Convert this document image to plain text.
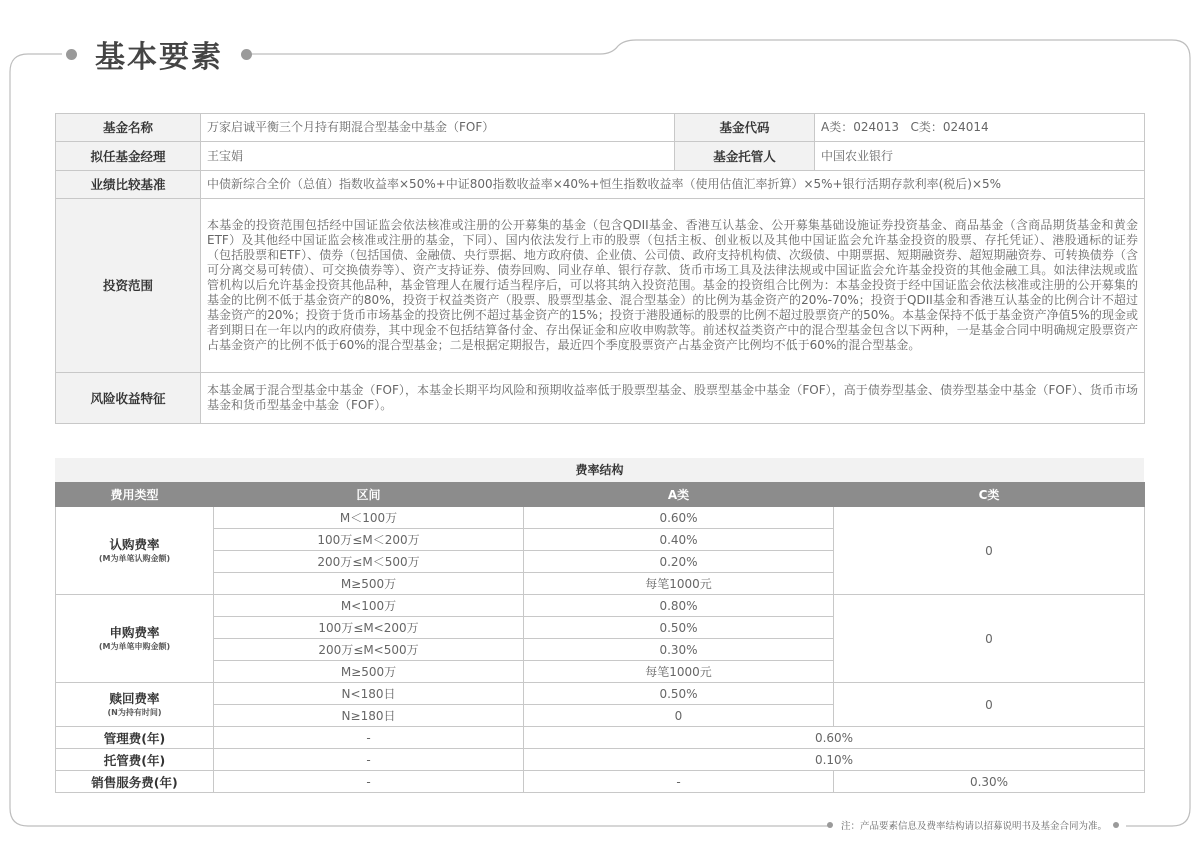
基本要素
基金名称	万家启诚平衡三个月持有期混合型基金中基金（FOF）	基金代码	A类：024013   C类：024014
拟任基金经理	王宝娟	基金托管人	中国农业银行
业绩比较基准	中债新综合全价（总值）指数收益率×50%+中证800指数收益率×40%+恒生指数收益率（使用估值汇率折算）×5%+银行活期存款利率(税后)×5%		
投资范围	本基金的投资范围包括经中国证监会依法核准或注册的公开募集的基金（包含QDII基金、香港互认基金、公开募集基础设施证券投资基金、商品基金（含商品期货基金和黄金ETF）及其他经中国证监会核准或注册的基金，下同）、国内依法发行上市的股票（包括主板、创业板以及其他中国证监会允许基金投资的股票、存托凭证）、港股通标的证券（包括股票和ETF）、债券（包括国债、金融债、央行票据、地方政府债、企业债、公司债、政府支持机构债、次级债、中期票据、短期融资券、超短期融资券、可转换债券（含可分离交易可转债）、可交换债券等）、资产支持证券、债券回购、同业存单、银行存款、货币市场工具及法律法规或中国证监会允许基金投资的其他金融工具。如法律法规或监管机构以后允许基金投资其他品种，基金管理人在履行适当程序后，可以将其纳入投资范围。基金的投资组合比例为：本基金投资于经中国证监会依法核准或注册的公开募集的基金的比例不低于基金资产的80%，投资于权益类资产（股票、股票型基金、混合型基金）的比例为基金资产的20%-70%；投资于QDII基金和香港互认基金的比例合计不超过基金资产的20%；投资于货币市场基金的投资比例不超过基金资产的15%；投资于港股通标的股票的比例不超过股票资产的50%。本基金保持不低于基金资产净值5%的现金或者到期日在一年以内的政府债券，其中现金不包括结算备付金、存出保证金和应收申购款等。前述权益类资产中的混合型基金包含以下两种，一是基金合同中明确规定股票资产占基金资产的比例不低于60%的混合型基金；二是根据定期报告，最近四个季度股票资产占基金资产比例均不低于60%的混合型基金。		
风险收益特征	本基金属于混合型基金中基金（FOF），本基金长期平均风险和预期收益率低于股票型基金、股票型基金中基金（FOF），高于债券型基金、债券型基金中基金（FOF）、货币市场基金和货币型基金中基金（FOF）。		
费率结构
费用类型	区间	A类	C类

认购费率
(M为单笔认购金额)	M＜100万	0.60%	0
	100万≤M＜200万	0.40%	
	200万≤M＜500万	0.20%	
	M≥500万	每笔1000元	

申购费率
(M为单笔申购金额)	M<100万	0.80%	0
	100万≤M<200万	0.50%	
	200万≤M<500万	0.30%	
	M≥500万	每笔1000元	

赎回费率
(N为持有时间)	N<180日	0.50%	0
	N≥180日	0	
管理费(年)	-	0.60%	
托管费(年)	-	0.10%	
销售服务费(年)	-	-	0.30%
注：产品要素信息及费率结构请以招募说明书及基金合同为准。
